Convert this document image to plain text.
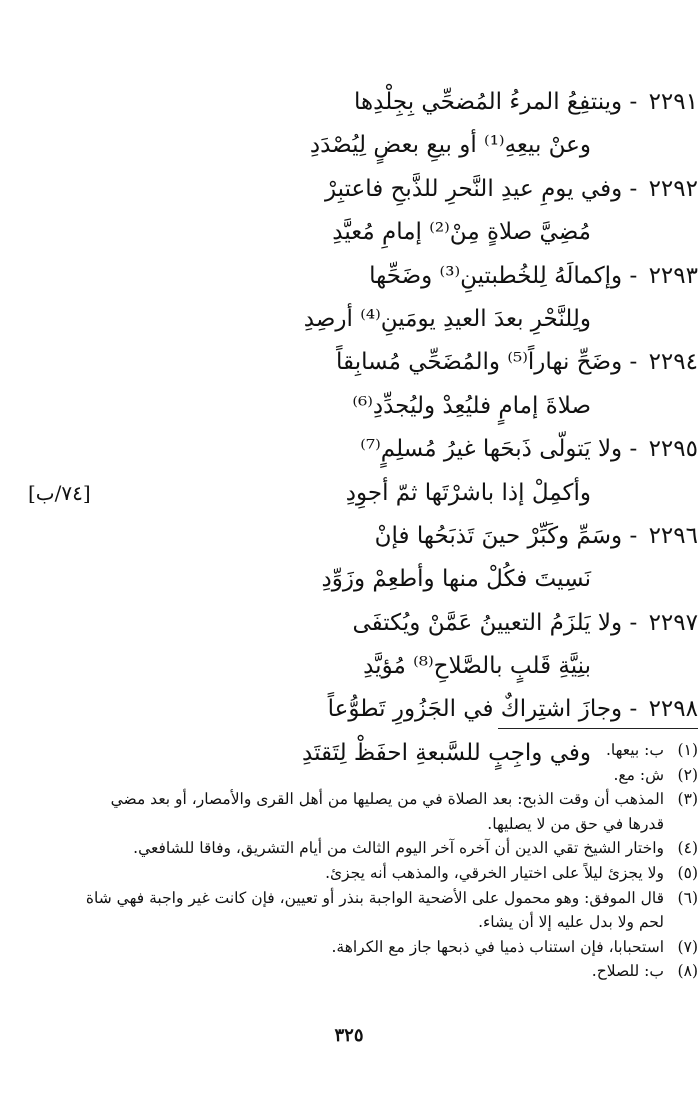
٢٢٩١ - وينتفِعُ المرءُ المُضحِّي بِجِلْدِها
وعنْ بيعِهِ⁽¹⁾ أو بيعِ بعضٍ لِيُصْدَدِ
٢٢٩٢ - وفي يومِ عيدِ النَّحرِ للذَّبحِ فاعتبِرْ
مُضِيَّ صلاةٍ مِنْ⁽²⁾ إمامِ مُعيَّدِ
٢٢٩٣ - وإكمالَهُ لِلخُطبتينِ⁽³⁾ وضَحِّها
ولِلنَّحْرِ بعدَ العيدِ يومَينِ⁽⁴⁾ أرصِدِ
٢٢٩٤ - وضَحِّ نهاراً⁽⁵⁾ والمُضَحِّي مُسابِقاً
صلاةَ إمامٍ فليُعِدْ وليُجدِّدِ⁽⁶⁾
٢٢٩٥ - ولا يَتولّى ذَبحَها غيرُ مُسلِمٍ⁽⁷⁾
وأكمِلْ إذا باشرْتَها ثمّ أجوِدِ
[٧٤/ب]
٢٢٩٦ - وسَمِّ وكَبِّرْ حينَ تَذبَحُها فإنْ
نَسِيتَ فكُلْ منها وأطعِمْ وزَوِّدِ
٢٢٩٧ - ولا يَلزَمُ التعيينُ عَمَّنْ ويُكتفَى
بنِيَّةِ قَلبٍ بالصَّلاحِ⁽⁸⁾ مُؤيَّدِ
٢٢٩٨ - وجازَ اشتِراكٌ في الجَزُورِ تَطوُّعاً
وفي واجِبٍ للسَّبعةِ احفَظْ لِتَقتَدِ	(١)
ب: بيعها.
(٢)
ش: مع.
(٣)
المذهب أن وقت الذبح: بعد الصلاة في من يصليها من أهل القرى والأمصار، أو بعد مضي قدرها في حق من لا يصليها.
(٤)
واختار الشيخ تقي الدين أن آخره آخر اليوم الثالث من أيام التشريق، وفاقا للشافعي.
(٥)
ولا يجزئ ليلاً على اختيار الخرقي، والمذهب أنه يجزئ.
(٦)
قال الموفق: وهو محمول على الأضحية الواجبة بنذر أو تعيين، فإن كانت غير واجبة فهي شاة لحم ولا بدل عليه إلا أن يشاء.
(٧)
استحبابا، فإن استناب ذميا في ذبحها جاز مع الكراهة.
(٨)
ب: للصلاح.
٣٢٥
